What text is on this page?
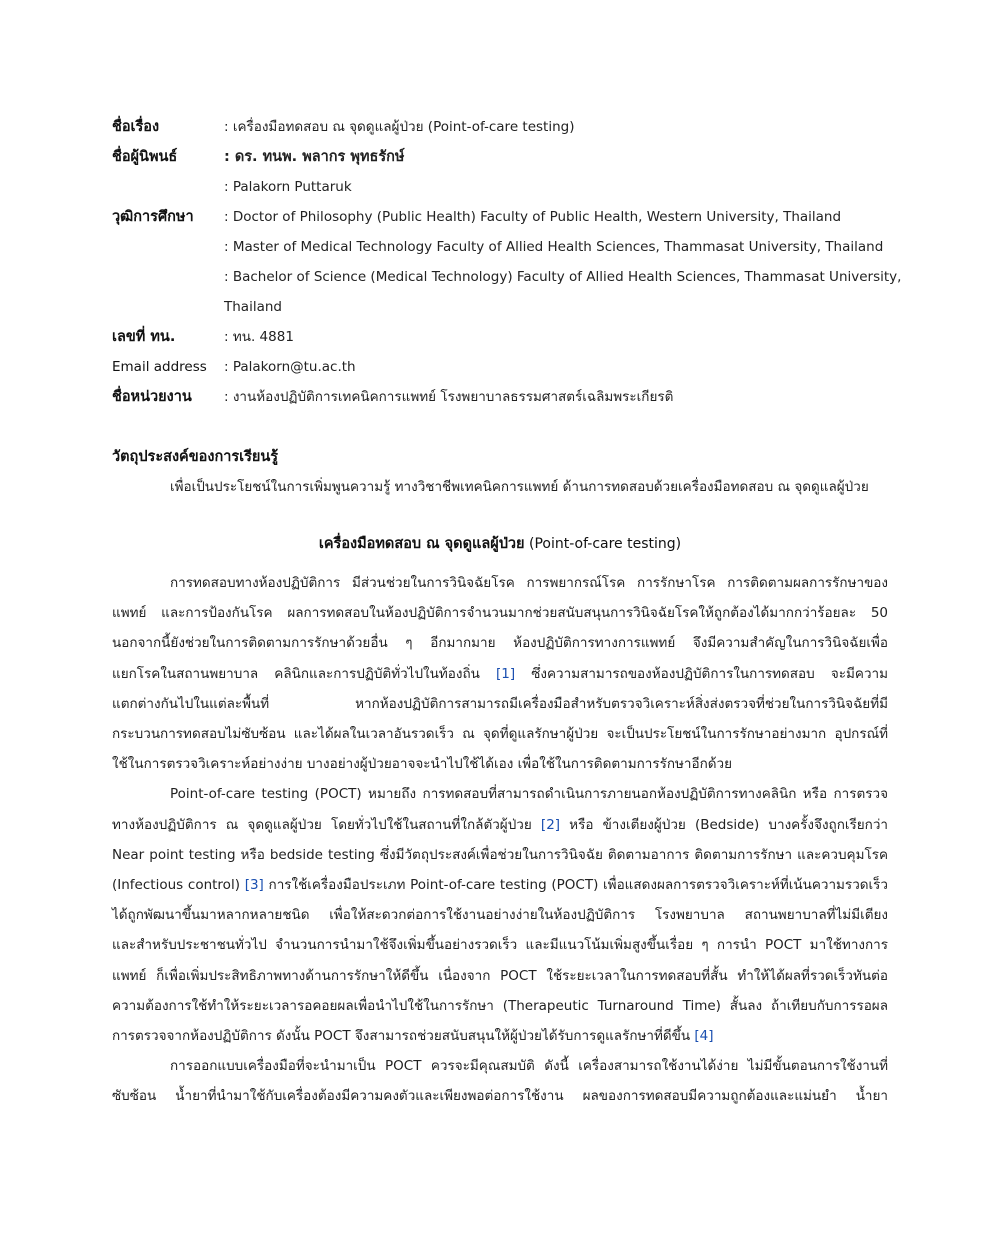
ชื่อเรื่อง	: เครื่องมือทดสอบ ณ จุดดูแลผู้ป่วย (Point-of-care testing)
ชื่อผู้นิพนธ์	: ดร. ทนพ. พลากร พุทธรักษ์
: Palakorn Puttaruk
วุฒิการศึกษา	: Doctor of Philosophy (Public Health) Faculty of Public Health, Western University, Thailand
: Master of Medical Technology Faculty of Allied Health Sciences, Thammasat University, Thailand
: Bachelor of Science (Medical Technology) Faculty of Allied Health Sciences, Thammasat University,
Thailand
เลขที่ ทน.	: ทน. 4881
Email address	: Palakorn@tu.ac.th
ชื่อหน่วยงาน	: งานห้องปฏิบัติการเทคนิคการแพทย์ โรงพยาบาลธรรมศาสตร์เฉลิมพระเกียรติ
วัตถุประสงค์ของการเรียนรู้
เพื่อเป็นประโยชน์ในการเพิ่มพูนความรู้ ทางวิชาชีพเทคนิคการแพทย์ ด้านการทดสอบด้วยเครื่องมือทดสอบ ณ จุดดูแลผู้ป่วย
เครื่องมือทดสอบ ณ จุดดูแลผู้ป่วย (Point-of-care testing)
การทดสอบทางห้องปฏิบัติการ มีส่วนช่วยในการวินิจฉัยโรค การพยากรณ์โรค การรักษาโรค การติดตามผลการรักษาของ
แพทย์ และการป้องกันโรค ผลการทดสอบในห้องปฏิบัติการจำนวนมากช่วยสนับสนุนการวินิจฉัยโรคให้ถูกต้องได้มากกว่าร้อยละ 50
นอกจากนี้ยังช่วยในการติดตามการรักษาด้วยอื่น ๆ อีกมากมาย ห้องปฏิบัติการทางการแพทย์ จึงมีความสำคัญในการวินิจฉัยเพื่อ
แยกโรคในสถานพยาบาล คลินิกและการปฏิบัติทั่วไปในท้องถิ่น [1] ซึ่งความสามารถของห้องปฏิบัติการในการทดสอบ จะมีความ
แตกต่างกันไปในแต่ละพื้นที่ หากห้องปฏิบัติการสามารถมีเครื่องมือสำหรับตรวจวิเคราะห์สิ่งส่งตรวจที่ช่วยในการวินิจฉัยที่มี
กระบวนการทดสอบไม่ซับซ้อน และได้ผลในเวลาอันรวดเร็ว ณ จุดที่ดูแลรักษาผู้ป่วย จะเป็นประโยชน์ในการรักษาอย่างมาก อุปกรณ์ที่
ใช้ในการตรวจวิเคราะห์อย่างง่าย บางอย่างผู้ป่วยอาจจะนำไปใช้ได้เอง เพื่อใช้ในการติดตามการรักษาอีกด้วย
Point-of-care testing (POCT) หมายถึง การทดสอบที่สามารถดำเนินการภายนอกห้องปฏิบัติการทางคลินิก หรือ การตรวจ
ทางห้องปฏิบัติการ ณ จุดดูแลผู้ป่วย โดยทั่วไปใช้ในสถานที่ใกล้ตัวผู้ป่วย [2] หรือ ข้างเตียงผู้ป่วย (Bedside) บางครั้งจึงถูกเรียกว่า
Near point testing หรือ bedside testing ซึ่งมีวัตถุประสงค์เพื่อช่วยในการวินิจฉัย ติดตามอาการ ติดตามการรักษา และควบคุมโรค
(Infectious control) [3] การใช้เครื่องมือประเภท Point-of-care testing (POCT) เพื่อแสดงผลการตรวจวิเคราะห์ที่เน้นความรวดเร็ว
ได้ถูกพัฒนาขึ้นมาหลากหลายชนิด เพื่อให้สะดวกต่อการใช้งานอย่างง่ายในห้องปฏิบัติการ โรงพยาบาล สถานพยาบาลที่ไม่มีเตียง
และสำหรับประชาชนทั่วไป จำนวนการนำมาใช้จึงเพิ่มขึ้นอย่างรวดเร็ว และมีแนวโน้มเพิ่มสูงขึ้นเรื่อย ๆ การนำ POCT มาใช้ทางการ
แพทย์ ก็เพื่อเพิ่มประสิทธิภาพทางด้านการรักษาให้ดีขึ้น เนื่องจาก POCT ใช้ระยะเวลาในการทดสอบที่สั้น ทำให้ได้ผลที่รวดเร็วทันต่อ
ความต้องการใช้ทำให้ระยะเวลารอคอยผลเพื่อนำไปใช้ในการรักษา (Therapeutic Turnaround Time) สั้นลง ถ้าเทียบกับการรอผล
การตรวจจากห้องปฏิบัติการ ดังนั้น POCT จึงสามารถช่วยสนับสนุนให้ผู้ป่วยได้รับการดูแลรักษาที่ดีขึ้น [4]
การออกแบบเครื่องมือที่จะนำมาเป็น POCT ควรจะมีคุณสมบัติ ดังนี้ เครื่องสามารถใช้งานได้ง่าย ไม่มีขั้นตอนการใช้งานที่
ซับซ้อน น้ำยาที่นำมาใช้กับเครื่องต้องมีความคงตัวและเพียงพอต่อการใช้งาน ผลของการทดสอบมีความถูกต้องและแม่นยำ น้ำยา
